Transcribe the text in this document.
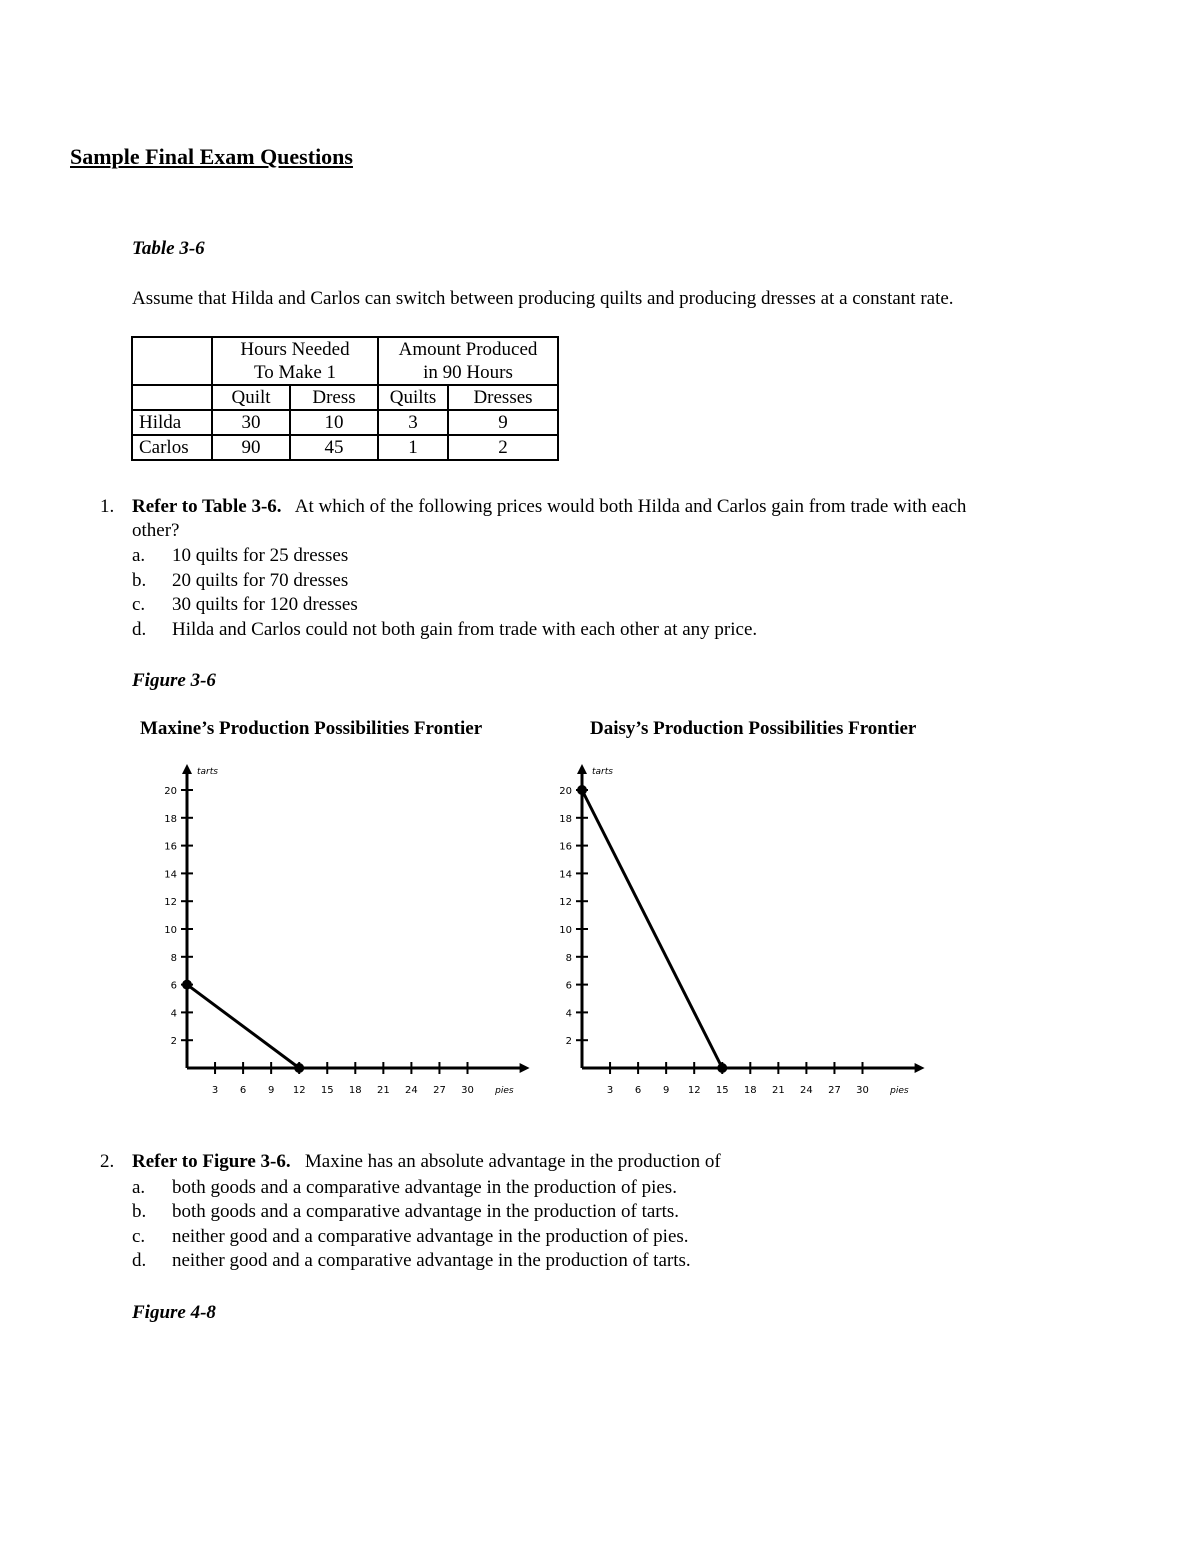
Sample Final Exam Questions
Table 3-6
Assume that Hilda and Carlos can switch between producing quilts and producing dresses at a constant rate.
	Hours Needed		Amount Produced	
	To Make 1		in 90 Hours	
	Quilt	Dress	Quilts	Dresses
Hilda	30	10	3	9
Carlos	90	45	1	2
1. Refer to Table 3-6. At which of the following prices would both Hilda and Carlos gain from trade with each
other?
a. 10 quilts for 25 dresses
b. 20 quilts for 70 dresses
c. 30 quilts for 120 dresses
d. Hilda and Carlos could not both gain from trade with each other at any price.
Figure 3-6
Maxine’s Production Possibilities Frontier	Daisy’s Production Possibilities Frontier
3 6 9 12 15 18 21 24 27 30
2
4
6
8
10
12
14
16
18
20
pies
tarts
3 6 9 12 15 18 21 24 27 30
2
4
6
8
10
12
14
16
18
20
pies
tarts
2. Refer to Figure 3-6. Maxine has an absolute advantage in the production of
a. both goods and a comparative advantage in the production of pies.
b. both goods and a comparative advantage in the production of tarts.
c. neither good and a comparative advantage in the production of pies.
d. neither good and a comparative advantage in the production of tarts.
Figure 4-8
